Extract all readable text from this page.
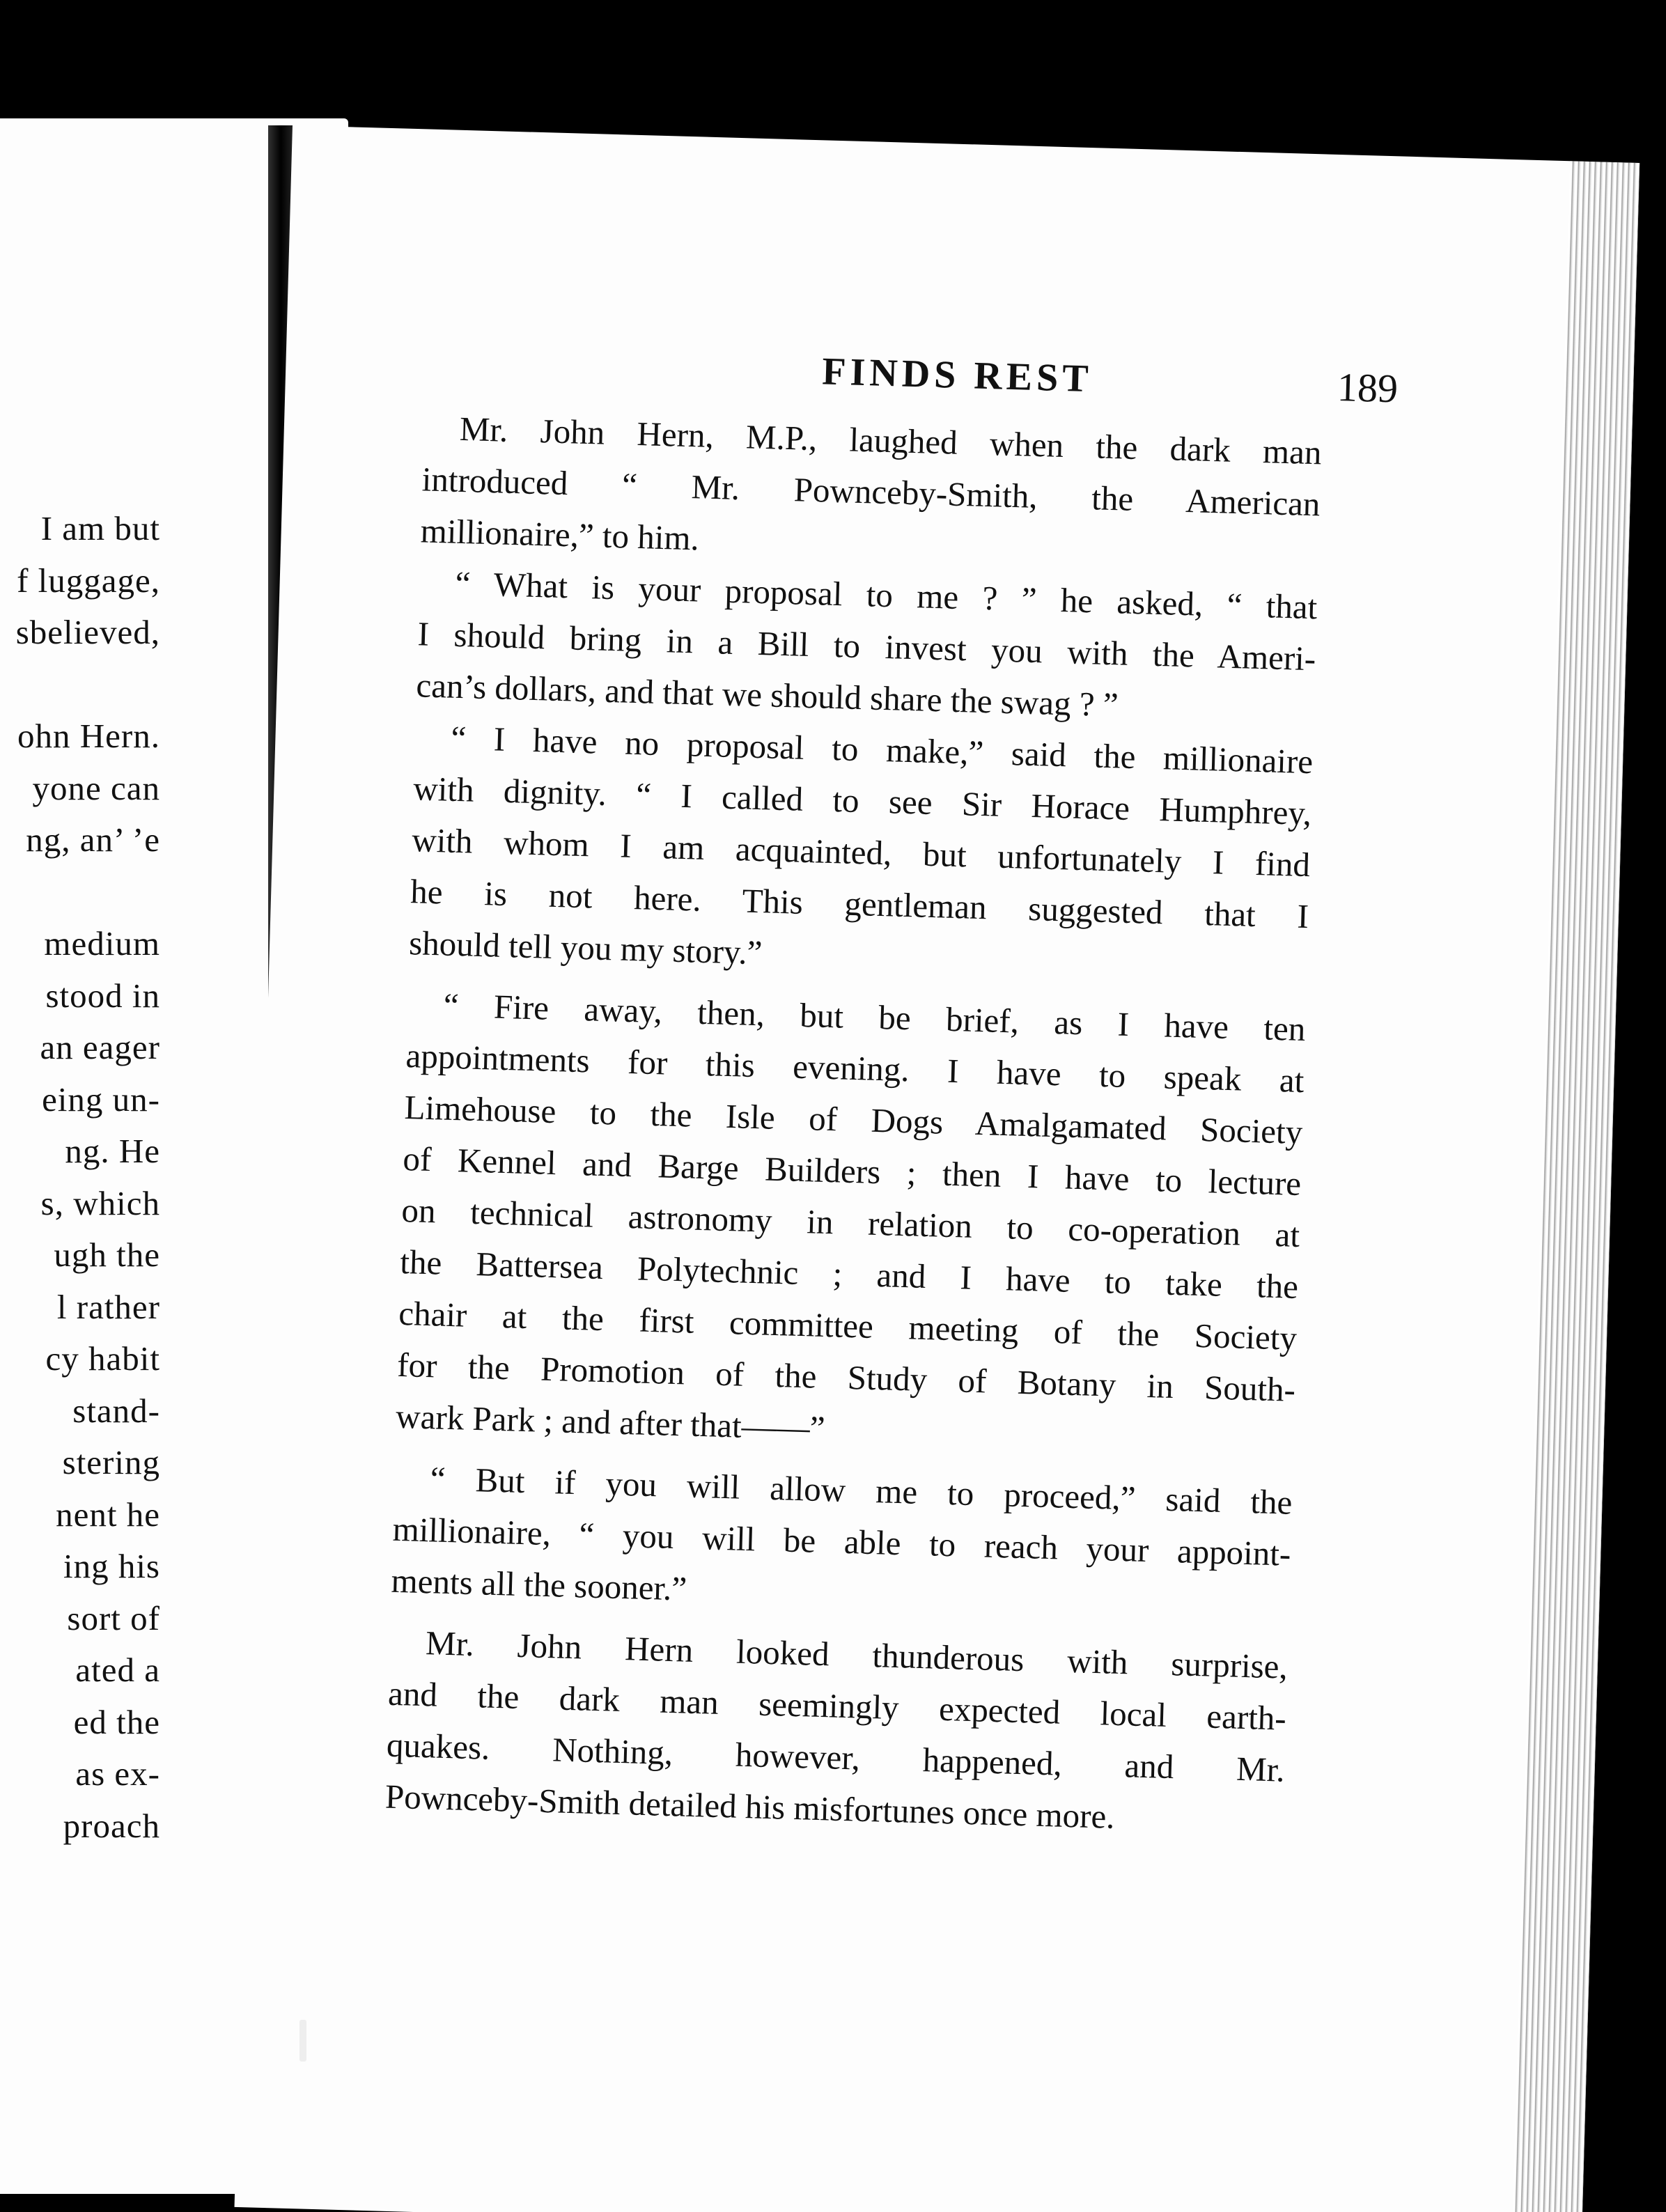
I am but
f luggage,
sbelieved,
ohn Hern.
yone can
ng, an’ ’e
medium
stood in
an eager
eing un-
ng. He
s, which
ugh the
l rather
cy habit
stand-
stering
nent he
ing his
sort of
ated a
ed the
as ex-
proach
FINDS REST	189
Mr. John Hern, M.P., laughed when the dark man
introduced “ Mr. Pownceby-Smith, the American
millionaire,” to him.
“ What is your proposal to me ? ” he asked, “ that
I should bring in a Bill to invest you with the Ameri-
can’s dollars, and that we should share the swag ? ”
“ I have no proposal to make,” said the millionaire
with dignity. “ I called to see Sir Horace Humphrey,
with whom I am acquainted, but unfortunately I find
he is not here. This gentleman suggested that I
should tell you my story.”
“ Fire away, then, but be brief, as I have ten
appointments for this evening. I have to speak at
Limehouse to the Isle of Dogs Amalgamated Society
of Kennel and Barge Builders ; then I have to lecture
on technical astronomy in relation to co-operation at
the Battersea Polytechnic ; and I have to take the
chair at the first committee meeting of the Society
for the Promotion of the Study of Botany in South-
wark Park ; and after that——”
“ But if you will allow me to proceed,” said the
millionaire, “ you will be able to reach your appoint-
ments all the sooner.”
Mr. John Hern looked thunderous with surprise,
and the dark man seemingly expected local earth-
quakes. Nothing, however, happened, and Mr.
Pownceby-Smith detailed his misfortunes once more.
